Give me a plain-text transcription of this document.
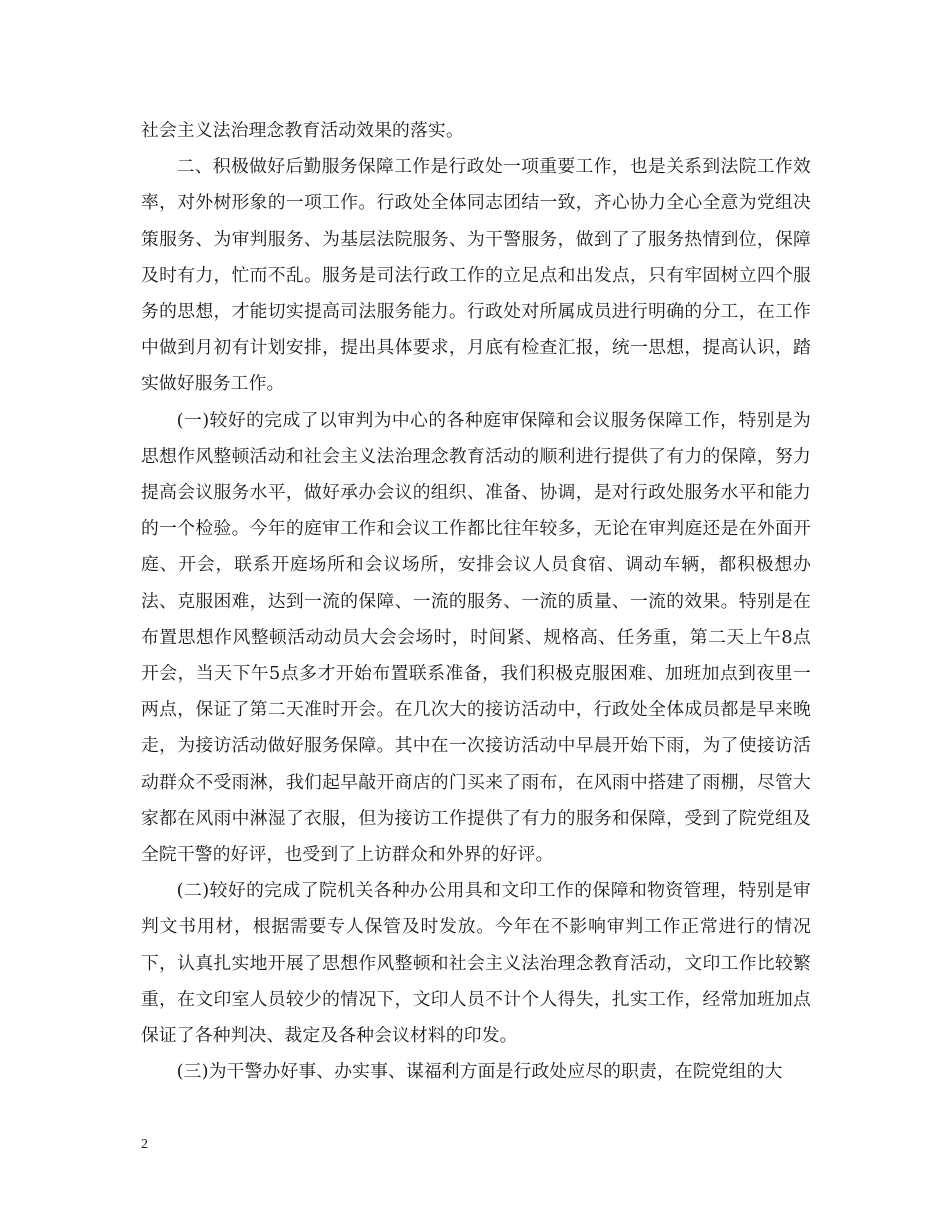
社会主义法治理念教育活动效果的落实。

二、积极做好后勤服务保障工作是行政处一项重要工作，也是关系到法院工作效率，对外树形象的一项工作。行政处全体同志团结一致，齐心协力全心全意为党组决策服务、为审判服务、为基层法院服务、为干警服务，做到了了服务热情到位，保障及时有力，忙而不乱。服务是司法行政工作的立足点和出发点，只有牢固树立四个服务的思想，才能切实提高司法服务能力。行政处对所属成员进行明确的分工，在工作中做到月初有计划安排，提出具体要求，月底有检查汇报，统一思想，提高认识，踏实做好服务工作。

(一)较好的完成了以审判为中心的各种庭审保障和会议服务保障工作，特别是为思想作风整顿活动和社会主义法治理念教育活动的顺利进行提供了有力的保障，努力提高会议服务水平，做好承办会议的组织、准备、协调，是对行政处服务水平和能力的一个检验。今年的庭审工作和会议工作都比往年较多，无论在审判庭还是在外面开庭、开会，联系开庭场所和会议场所，安排会议人员食宿、调动车辆，都积极想办法、克服困难，达到一流的保障、一流的服务、一流的质量、一流的效果。特别是在布置思想作风整顿活动动员大会会场时，时间紧、规格高、任务重，第二天上午8点开会，当天下午5点多才开始布置联系准备，我们积极克服困难、加班加点到夜里一两点，保证了第二天准时开会。在几次大的接访活动中，行政处全体成员都是早来晚走，为接访活动做好服务保障。其中在一次接访活动中早晨开始下雨，为了使接访活动群众不受雨淋，我们起早敲开商店的门买来了雨布，在风雨中搭建了雨棚，尽管大家都在风雨中淋湿了衣服，但为接访工作提供了有力的服务和保障，受到了院党组及全院干警的好评，也受到了上访群众和外界的好评。

(二)较好的完成了院机关各种办公用具和文印工作的保障和物资管理，特别是审判文书用材，根据需要专人保管及时发放。今年在不影响审判工作正常进行的情况下，认真扎实地开展了思想作风整顿和社会主义法治理念教育活动，文印工作比较繁重，在文印室人员较少的情况下，文印人员不计个人得失，扎实工作，经常加班加点保证了各种判决、裁定及各种会议材料的印发。

(三)为干警办好事、办实事、谋福利方面是行政处应尽的职责，在院党组的大

2
